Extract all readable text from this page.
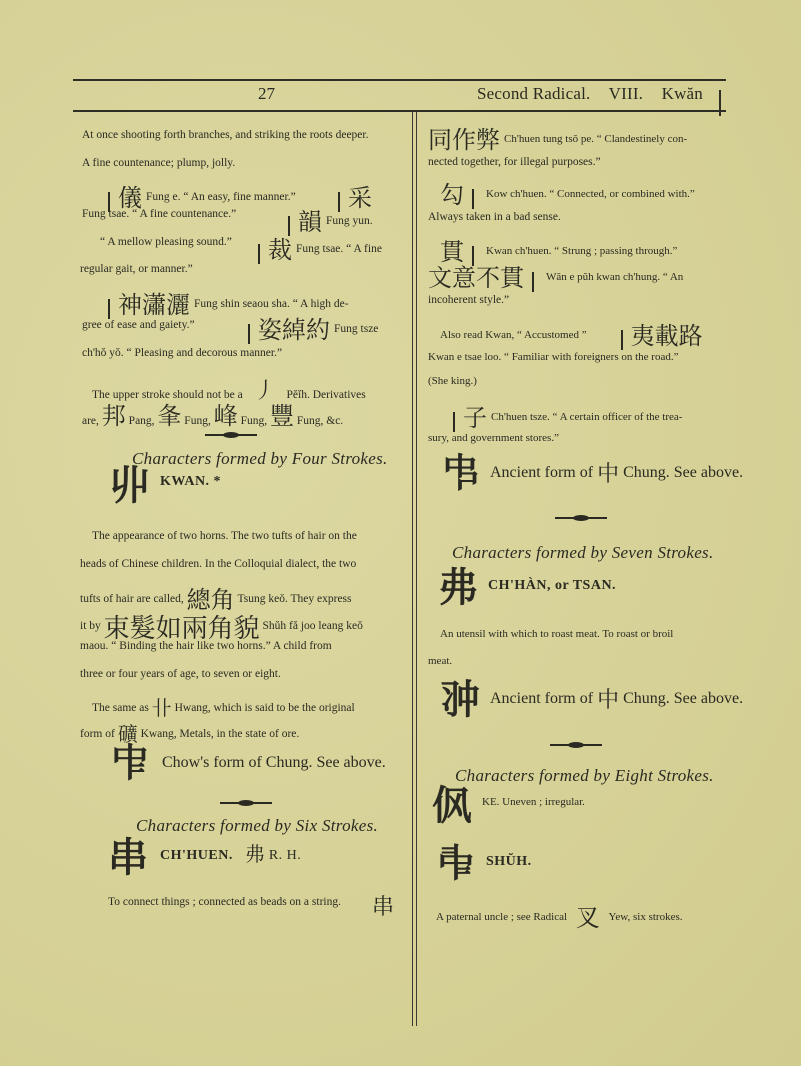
27	Second Radical. VIII. Kwăn
At once shooting forth branches, and striking the roots deeper.
A fine countenance; plump, jolly.
儀 $^{Fung e. “ An easy, fine manner.”}$	采
Fung tsae. “ A fine countenance.”	韻 $^{Fung yun.}$
“ A mellow pleasing sound.”	裁 $^{Fung tsae. “ A fine}$
regular gait, or manner.”
神瀟灑 $^{Fung shin seaou sha. “ A high de-}$
gree of ease and gaiety.”	姿綽約 $^{Fung tsze}$
ch'hŏ yŏ. “ Pleasing and decorous manner.”
The upper stroke should not be a 丿 Pĕĭh. Derivatives
are, 邦 Pang, 夆 Fung, 峰 Fung, 豐 Fung, &c.
Characters formed by Four Strokes.
丱 KWAN. *
The appearance of two horns. The two tufts of hair on the
heads of Chinese children. In the Colloquial dialect, the two
tufts of hair are called, 總角 Tsung keŏ. They express
it by 束髮如兩角貌 Shŭh fă joo leang keŏ
maou. “ Binding the hair like two horns.” A child from
three or four years of age, to seven or eight.
The same as 卝 Hwang, which is said to be the original
form of 礦 Kwang, Metals, in the state of ore.
𠁦 Chow's form of Chung. See above.
Characters formed by Six Strokes.
串 CH'HUEN. 弗 R. H.
To connect things ; connected as beads on a string. 串
同作弊 $^{Ch'huen tung tsŏ pe. “ Clandestinely con-}$
nected together, for illegal purposes.”
勾 $^{Kow ch'huen. “ Connected, or combined with.”}$
Always taken in a bad sense.
貫 $^{Kwan ch'huen. “ Strung ; passing through.”}$
文意不貫 $^{Wăn e pŭh kwan ch'hung. “ An}$
incoherent style.”
$^{Also read Kwan, “ Accustomed ”}$ 夷載路
Kwan e tsae loo. “ Familiar with foreigners on the road.”
(She king.)
子 $^{Ch'huen tsze. “ A certain officer of the trea-}$
sury, and government stores.”
𠁧 Ancient form of 中 Chung. See above.
Characters formed by Seven Strokes.
弗 CH'HÀN, or TSAN.
An utensil with which to roast meat. To roast or broil
meat.
𠁨 Ancient form of 中 Chung. See above.
Characters formed by Eight Strokes.
㐽 $^{KE. Uneven ; irregular.}$
𠁩 SHŬH.
A paternal uncle ; see Radical 叉 Yew, six strokes.
